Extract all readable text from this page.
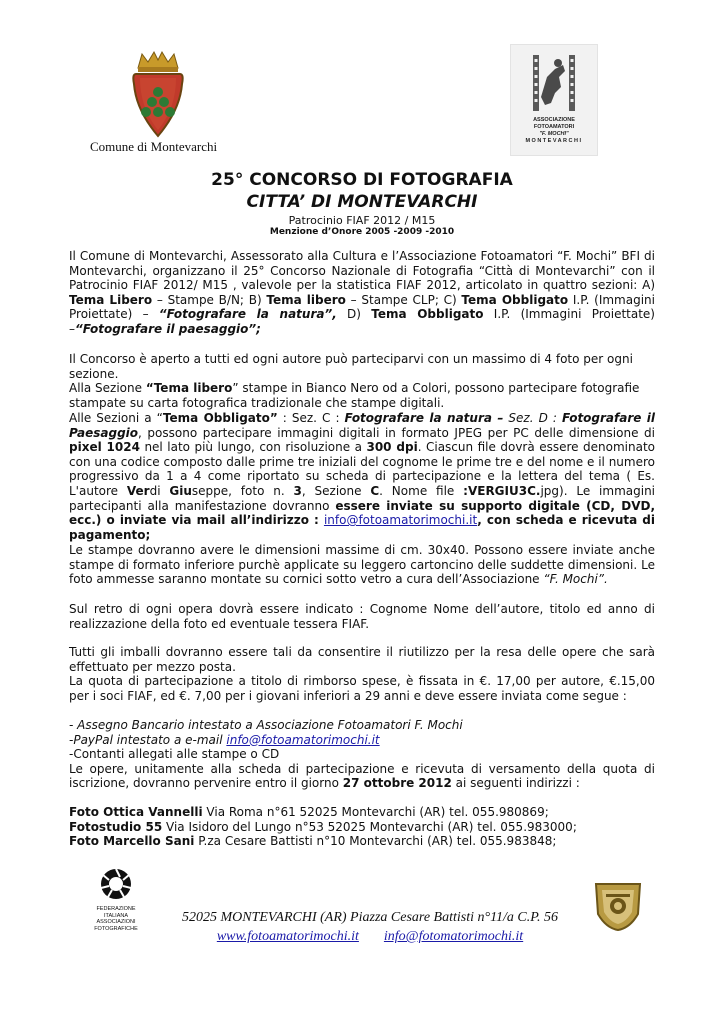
Comune di Montevarchi
ASSOCIAZIONE
FOTOAMATORI
"F. MOCHI"
MONTEVARCHI
25° CONCORSO DI FOTOGRAFIA
CITTA’ DI MONTEVARCHI
Patrocinio FIAF 2012 / M15
Menzione d’Onore 2005 -2009 -2010
Il Comune di Montevarchi, Assessorato alla Cultura e l’Associazione Fotoamatori “F. Mochi” BFI di Montevarchi, organizzano il 25° Concorso Nazionale di Fotografia “Città di Montevarchi” con il Patrocinio FIAF 2012/ M15 , valevole per la statistica FIAF 2012, articolato in quattro sezioni: A) Tema Libero – Stampe B/N; B) Tema libero – Stampe CLP; C) Tema Obbligato I.P. (Immagini Proiettate) – “Fotografare la natura”, D) Tema Obbligato I.P. (Immagini Proiettate) –“Fotografare il paesaggio”;
Il Concorso è aperto a tutti ed ogni autore può parteciparvi con un massimo di 4 foto per ogni sezione.
Alla Sezione “Tema libero” stampe in Bianco Nero od a Colori, possono partecipare fotografie stampate su carta fotografica tradizionale che stampe digitali.
Alle Sezioni a “Tema Obbligato” : Sez. C : Fotografare la natura – Sez. D : Fotografare il Paesaggio, possono partecipare immagini digitali in formato JPEG per PC delle dimensione di pixel 1024 nel lato più lungo, con risoluzione a 300 dpi. Ciascun file dovrà essere denominato con una codice composto dalle prime tre iniziali del cognome le prime tre e del nome e il numero progressivo da 1 a 4 come riportato su scheda di partecipazione e la lettera del tema ( Es. L'autore Verdi Giuseppe, foto n. 3, Sezione C. Nome file :VERGIU3C.jpg). Le immagini partecipanti alla manifestazione dovranno essere inviate su supporto digitale (CD, DVD, ecc.) o inviate via mail all’indirizzo : info@fotoamatorimochi.it, con scheda e ricevuta di pagamento;
Le stampe dovranno avere le dimensioni massime di cm. 30x40. Possono essere inviate anche stampe di formato inferiore purchè applicate su leggero cartoncino delle suddette dimensioni. Le foto ammesse saranno montate su cornici sotto vetro a cura dell’Associazione “F. Mochi”.
Sul retro di ogni opera dovrà essere indicato : Cognome Nome dell’autore, titolo ed anno di realizzazione della foto ed eventuale tessera FIAF.
Tutti gli imballi dovranno essere tali da consentire il riutilizzo per la resa delle opere che sarà effettuato per mezzo posta.
La quota di partecipazione a titolo di rimborso spese, è fissata in €. 17,00 per autore, €.15,00 per i soci FIAF, ed €. 7,00 per i giovani inferiori a 29 anni e deve essere inviata come segue :
- Assegno Bancario intestato a Associazione Fotoamatori F. Mochi
-PayPal intestato a e-mail info@fotoamatorimochi.it
-Contanti allegati alle stampe o CD
Le opere, unitamente alla scheda di partecipazione e ricevuta di versamento della quota di iscrizione, dovranno pervenire entro il giorno 27 ottobre 2012 ai seguenti indirizzi :
Foto Ottica Vannelli Via Roma n°61 52025 Montevarchi (AR) tel. 055.980869;
Fotostudio 55 Via Isidoro del Lungo n°53 52025 Montevarchi (AR) tel. 055.983000;
Foto Marcello Sani P.za Cesare Battisti n°10 Montevarchi (AR) tel. 055.983848;
FEDERAZIONE
ITALIANA
ASSOCIAZIONI
FOTOGRAFICHE
52025 MONTEVARCHI (AR) Piazza Cesare Battisti n°11/a C.P. 56
www.fotoamatorimochi.it info@fotomatorimochi.it
